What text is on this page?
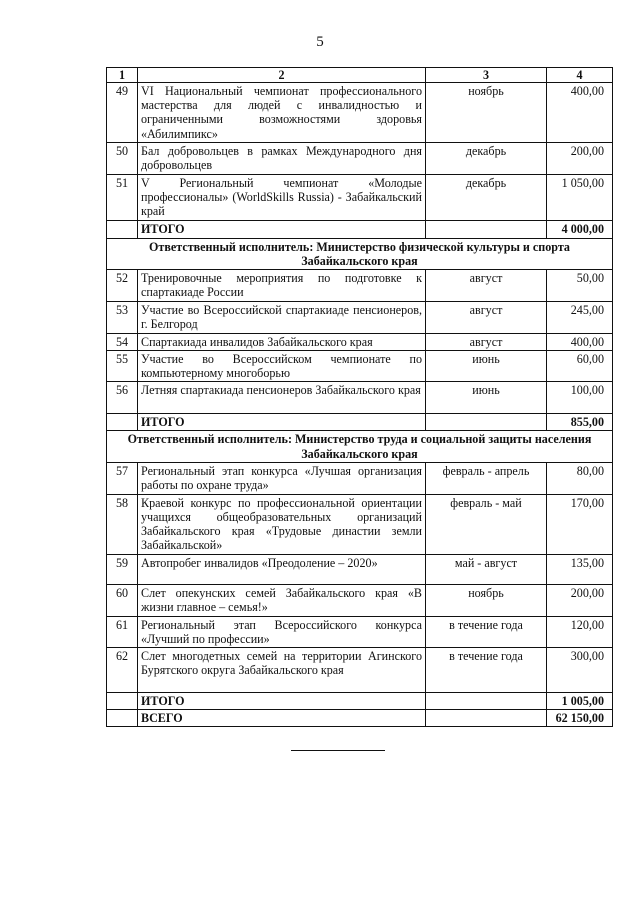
5
1	2	3	4
49	VI Национальный чемпионат профессионального мастерства для людей с инвалидностью и ограниченными возможностями здоровья «Абилимпикс»	ноябрь	400,00
50	Бал добровольцев в рамках Международного дня добровольцев	декабрь	200,00
51	V Региональный чемпионат «Молодые профессионалы» (WorldSkills Russia) - Забайкальский край	декабрь	1 050,00
	ИТОГО		4 000,00
Ответственный исполнитель: Министерство физической культуры и спорта Забайкальского края			
52	Тренировочные мероприятия по подготовке к спартакиаде России	август	50,00
53	Участие во Всероссийской спартакиаде пенсионеров, г. Белгород	август	245,00
54	Спартакиада инвалидов Забайкальского края	август	400,00
55	Участие во Всероссийском чемпионате по компьютерному многоборью	июнь	60,00
56	Летняя спартакиада пенсионеров Забайкальского края	июнь	100,00
	ИТОГО		855,00
Ответственный исполнитель: Министерство труда и социальной защиты населения Забайкальского края			
57	Региональный этап конкурса «Лучшая организация работы по охране труда»	февраль - апрель	80,00
58	Краевой конкурс по профессиональной ориентации учащихся общеобразовательных организаций Забайкальского края «Трудовые династии земли Забайкальской»	февраль - май	170,00
59	Автопробег инвалидов «Преодоление – 2020»	май - август	135,00
60	Слет опекунских семей Забайкальского края «В жизни главное – семья!»	ноябрь	200,00
61	Региональный этап Всероссийского конкурса «Лучший по профессии»	в течение года	120,00
62	Слет многодетных семей на территории Агинского Бурятского округа Забайкальского края	в течение года	300,00
	ИТОГО		1 005,00
	ВСЕГО		62 150,00
